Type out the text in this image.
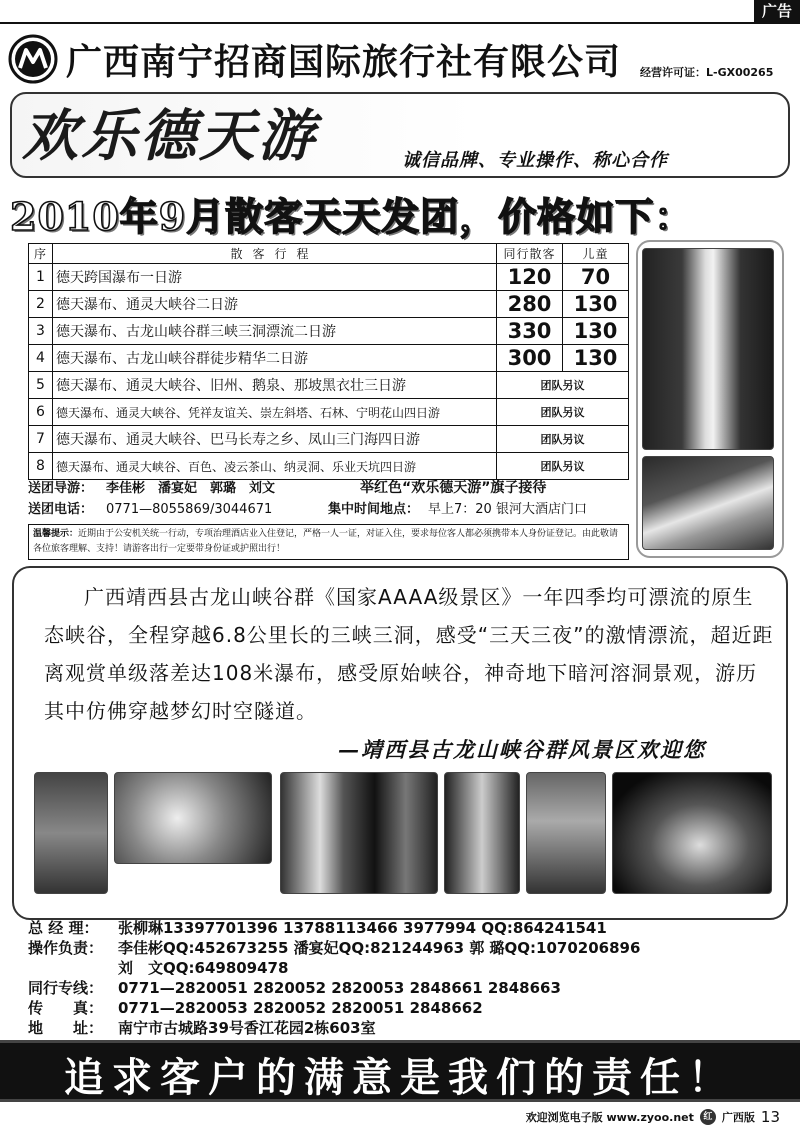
广告
广西南宁招商国际旅行社有限公司 经营许可证：L-GX00265
欢乐德天游	诚信品牌、专业操作、称心合作
2010年9月散客天天发团，价格如下：
序	散客行程	同行散客	儿童
1	德天跨国瀑布一日游	120	70
2	德天瀑布、通灵大峡谷二日游	280	130
3	德天瀑布、古龙山峡谷群三峡三洞漂流二日游	330	130
4	德天瀑布、古龙山峡谷群徒步精华二日游	300	130
5	德天瀑布、通灵大峡谷、旧州、鹅泉、那坡黑衣壮三日游	团队另议	
6	德天瀑布、通灵大峡谷、凭祥友谊关、崇左斜塔、石林、宁明花山四日游	团队另议	
7	德天瀑布、通灵大峡谷、巴马长寿之乡、凤山三门海四日游	团队另议	
8	德天瀑布、通灵大峡谷、百色、凌云茶山、纳灵洞、乐业天坑四日游	团队另议	
送团导游： 李佳彬　潘宴妃　郭璐　刘文	举红色“欢乐德天游”旗子接待
送团电话： 0771—8055869/3044671	集中时间地点： 早上7：20 银河大酒店门口
温馨提示：近期由于公安机关统一行动，专项治理酒店业入住登记，严格一人一证，对证入住，要求每位客人都必须携带本人身份证登记。由此敬请各位旅客理解、支持！请游客出行一定要带身份证或护照出行！
广西靖西县古龙山峡谷群《国家AAAA级景区》一年四季均可漂流的原生态峡谷，全程穿越6.8公里长的三峡三洞，感受“三天三夜”的激情漂流，超近距离观赏单级落差达108米瀑布，感受原始峡谷，神奇地下暗河溶洞景观，游历其中仿佛穿越梦幻时空隧道。
—靖西县古龙山峡谷群风景区欢迎您
总 经 理： 张柳琳13397701396 13788113466 3977994 QQ:864241541
操作负责： 李佳彬QQ:452673255 潘宴妃QQ:821244963 郭 璐QQ:1070206896
刘　文QQ:649809478
同行专线： 0771—2820051 2820052 2820053 2848661 2848663
传　　真： 0771—2820053 2820052 2820051 2848662
地　　址： 南宁市古城路39号香江花园2栋603室
追求客户的满意是我们的责任！
欢迎浏览电子版 www.zyoo.net	红 广西版 13
